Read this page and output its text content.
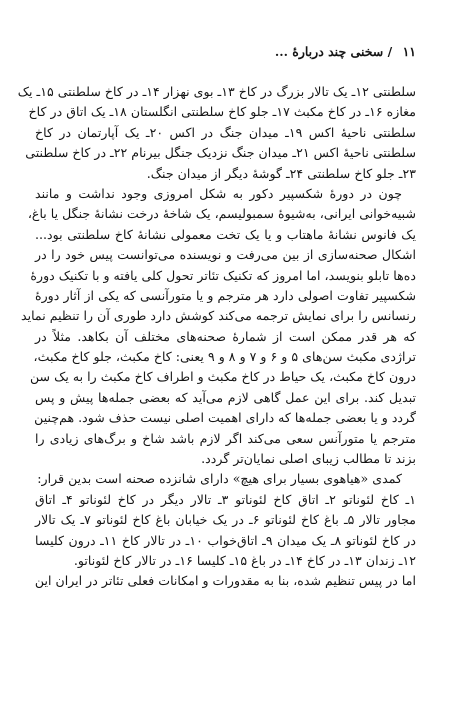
۱۱ / سخنی چند دربارهٔ ...
سلطنتی ۱۲ـ یک تالار بزرگ در کاخ ۱۳ـ بوی نهزار ۱۴ـ در کاخ سلطنتی ۱۵ـ یک
مغازه ۱۶ـ در کاخ مکبث ۱۷ـ جلو کاخ سلطنتی انگلستان ۱۸ـ یک اتاق در کاخ
سلطنتی ناحیهٔ اکس ۱۹ـ میدان جنگ در اکس ۲۰ـ یک آپارتمان در کاخ
سلطنتی ناحیهٔ اکس ۲۱ـ میدان جنگ نزدیک جنگل بیرنام ۲۲ـ در کاخ سلطنتی
۲۳ـ جلو کاخ سلطنتی ۲۴ـ گوشهٔ دیگر از میدان جنگ.
چون در دورهٔ شکسپیر دکور به شکل امروزی وجود نداشت و مانند
شبیه‌خوانی ایرانی، به‌شیوهٔ سمبولیسم، یک شاخهٔ درخت نشانهٔ جنگل یا باغ،
یک فانوس نشانهٔ ماهتاب و یا یک تخت معمولی نشانهٔ کاخ سلطنتی بود...
اشکال صحنه‌سازی از بین می‌رفت و نویسنده می‌توانست پیس خود را در
ده‌ها تابلو بنویسد، اما امروز که تکنیک تئاتر تحول کلی یافته و با تکنیک دورهٔ
شکسپیر تفاوت اصولی دارد هر مترجم و یا متورآنسی که یکی از آثار دورهٔ
رنسانس را برای نمایش ترجمه می‌کند کوشش دارد طوری آن را تنظیم نماید
که هر قدر ممکن است از شمارهٔ صحنه‌های مختلف آن بکاهد. مثلاً در
تراژدی مکبث سن‌های ۵ و ۶ و ۷ و ۸ و ۹ یعنی: کاخ مکبث، جلو کاخ مکبث،
درون کاخ مکبث، یک حیاط در کاخ مکبث و اطراف کاخ مکبث را به یک سن
تبدیل کند. برای این عمل گاهی لازم می‌آید که بعضی جمله‌ها پیش و پس
گردد و یا بعضی جمله‌ها که دارای اهمیت اصلی نیست حذف شود. هم‌چنین
مترجم یا متورآنس سعی می‌کند اگر لازم باشد شاخ و برگ‌های زیادی را
بزند تا مطالب زیبای اصلی نمایان‌تر گردد.
کمدی «هیاهوی بسیار برای هیچ» دارای شانزده صحنه است بدین قرار:
۱ـ کاخ لئوناتو ۲ـ اتاق کاخ لئوناتو ۳ـ تالار دیگر در کاخ لئوناتو ۴ـ اتاق
مجاور تالار ۵ـ باغ کاخ لئوناتو ۶ـ در یک خیابان باغ کاخ لئوناتو ۷ـ یک تالار
در کاخ لئوناتو ۸ـ یک میدان ۹ـ اتاق‌خواب ۱۰ـ در تالار کاخ ۱۱ـ درون کلیسا
۱۲ـ زندان ۱۳ـ در کاخ ۱۴ـ در باغ ۱۵ـ کلیسا ۱۶ـ در تالار کاخ لئوناتو.
اما در پیس تنظیم شده، بنا به مقدورات و امکانات فعلی تئاتر در ایران این
